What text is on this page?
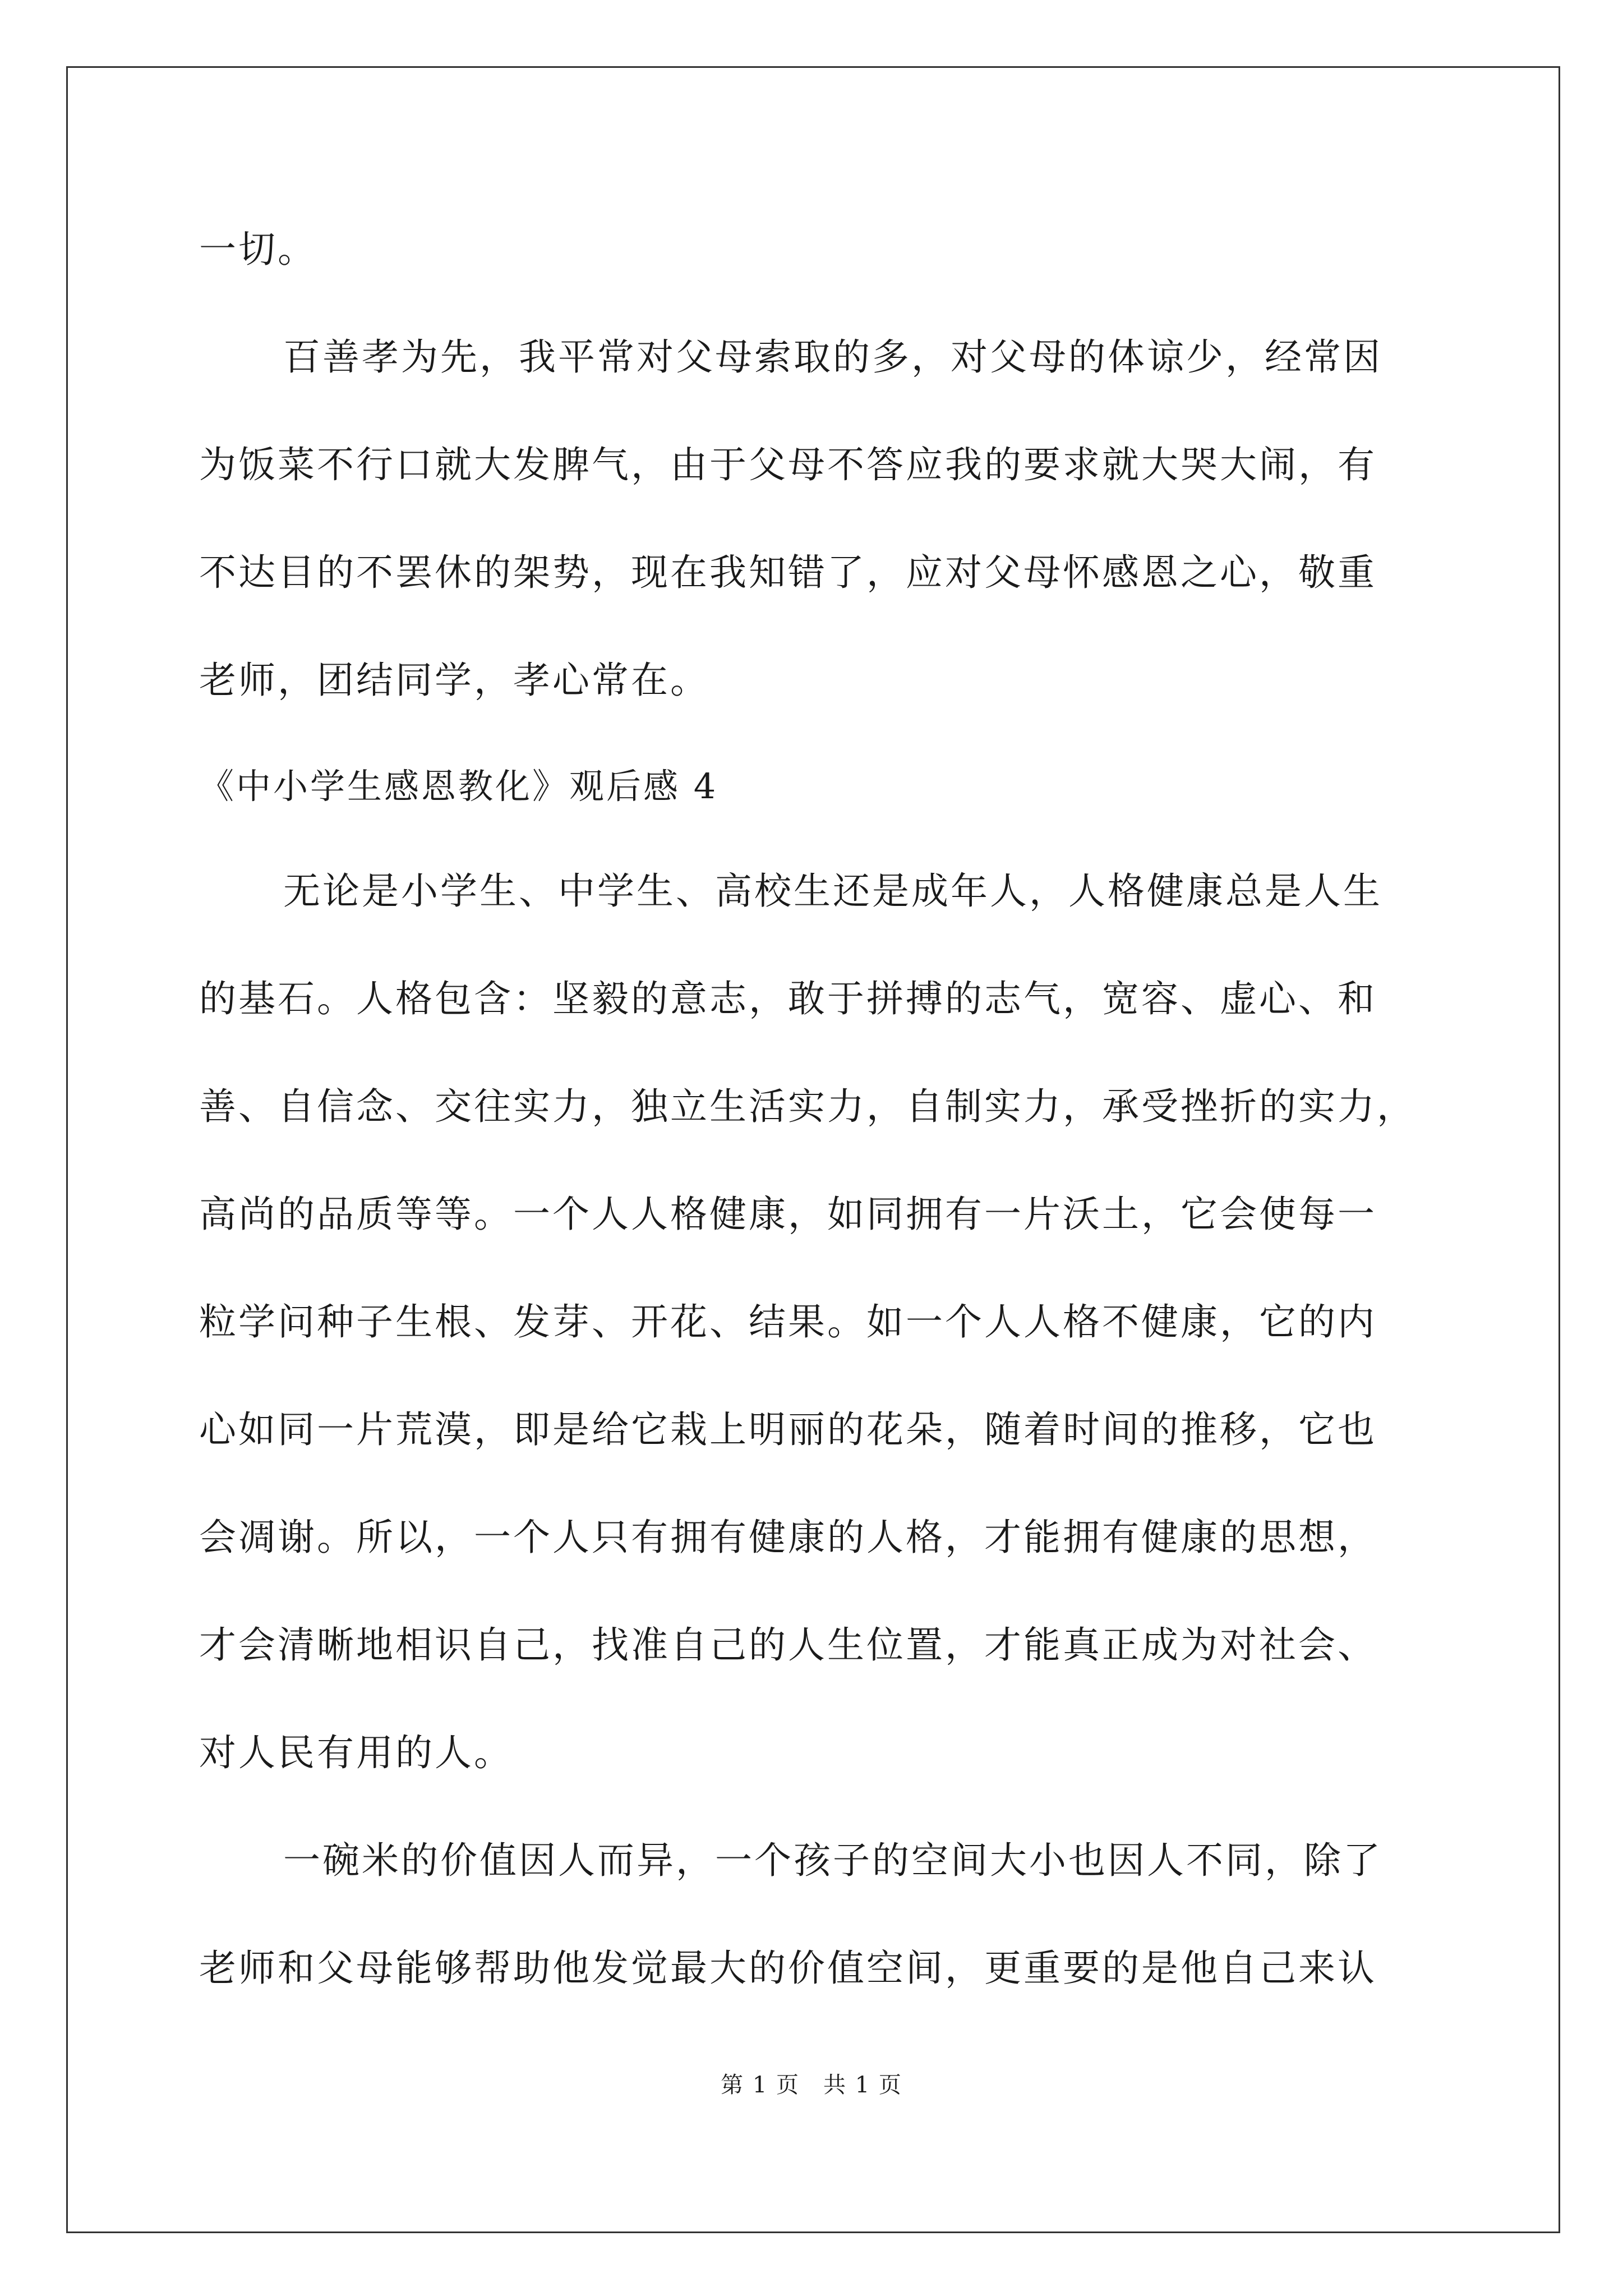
一切。
百善孝为先，我平常对父母索取的多，对父母的体谅少，经常因
为饭菜不行口就大发脾气，由于父母不答应我的要求就大哭大闹，有
不达目的不罢休的架势，现在我知错了，应对父母怀感恩之心，敬重
老师，团结同学，孝心常在。
《中小学生感恩教化》观后感 4
无论是小学生、中学生、高校生还是成年人，人格健康总是人生
的基石。人格包含：坚毅的意志，敢于拼搏的志气，宽容、虚心、和
善、自信念、交往实力，独立生活实力，自制实力，承受挫折的实力，
高尚的品质等等。一个人人格健康，如同拥有一片沃土，它会使每一
粒学问种子生根、发芽、开花、结果。如一个人人格不健康，它的内
心如同一片荒漠，即是给它栽上明丽的花朵，随着时间的推移，它也
会凋谢。所以，一个人只有拥有健康的人格，才能拥有健康的思想，
才会清晰地相识自己，找准自己的人生位置，才能真正成为对社会、
对人民有用的人。
一碗米的价值因人而异，一个孩子的空间大小也因人不同，除了
老师和父母能够帮助他发觉最大的价值空间，更重要的是他自己来认
第 1 页　共 1 页
